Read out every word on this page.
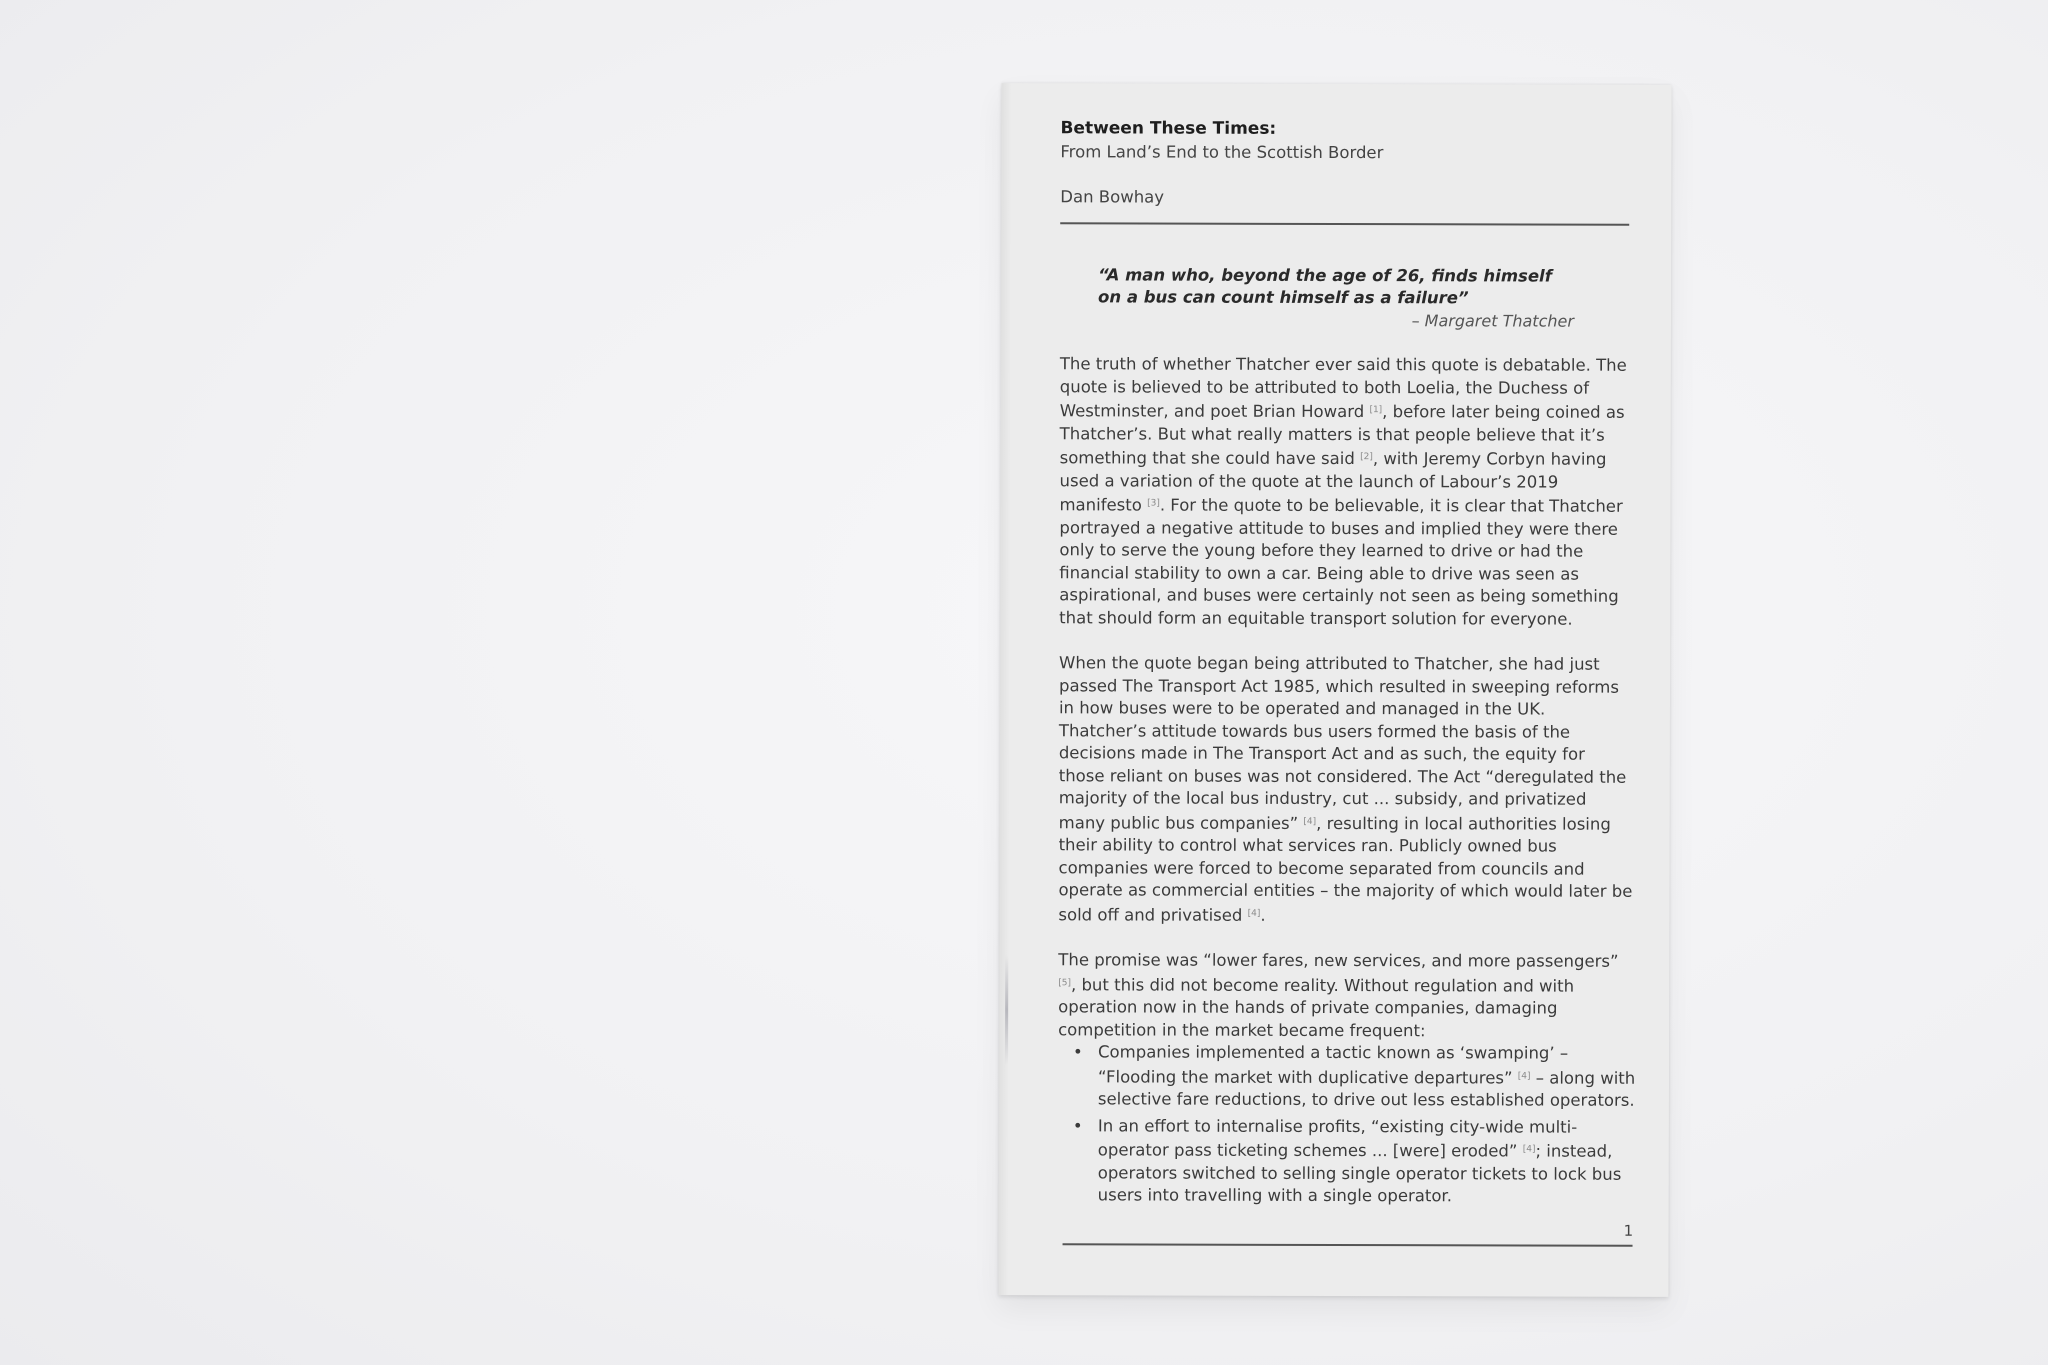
Between These Times:

From Land’s End to the Scottish Border

Dan Bowhay

“A man who, beyond the age of 26, finds himself on a bus can count himself as a failure”

– Margaret Thatcher

The truth of whether Thatcher ever said this quote is debatable. The quote is believed to be attributed to both Loelia, the Duchess of Westminster, and poet Brian Howard [1], before later being coined as Thatcher’s. But what really matters is that people believe that it’s something that she could have said [2], with Jeremy Corbyn having used a variation of the quote at the launch of Labour’s 2019 manifesto [3]. For the quote to be believable, it is clear that Thatcher portrayed a negative attitude to buses and implied they were there only to serve the young before they learned to drive or had the financial stability to own a car. Being able to drive was seen as aspirational, and buses were certainly not seen as being something that should form an equitable transport solution for everyone.

When the quote began being attributed to Thatcher, she had just passed The Transport Act 1985, which resulted in sweeping reforms in how buses were to be operated and managed in the UK. Thatcher’s attitude towards bus users formed the basis of the decisions made in The Transport Act and as such, the equity for those reliant on buses was not considered. The Act “deregulated the majority of the local bus industry, cut ... subsidy, and privatized many public bus companies” [4], resulting in local authorities losing their ability to control what services ran. Publicly owned bus companies were forced to become separated from councils and operate as commercial entities – the majority of which would later be sold off and privatised [4].

The promise was “lower fares, new services, and more passengers” [5], but this did not become reality. Without regulation and with operation now in the hands of private companies, damaging competition in the market became frequent:

• Companies implemented a tactic known as ‘swamping’ – “Flooding the market with duplicative departures” [4] – along with selective fare reductions, to drive out less established operators.
• In an effort to internalise profits, “existing city-wide multi-operator pass ticketing schemes ... [were] eroded” [4]; instead, operators switched to selling single operator tickets to lock bus users into travelling with a single operator.
1
